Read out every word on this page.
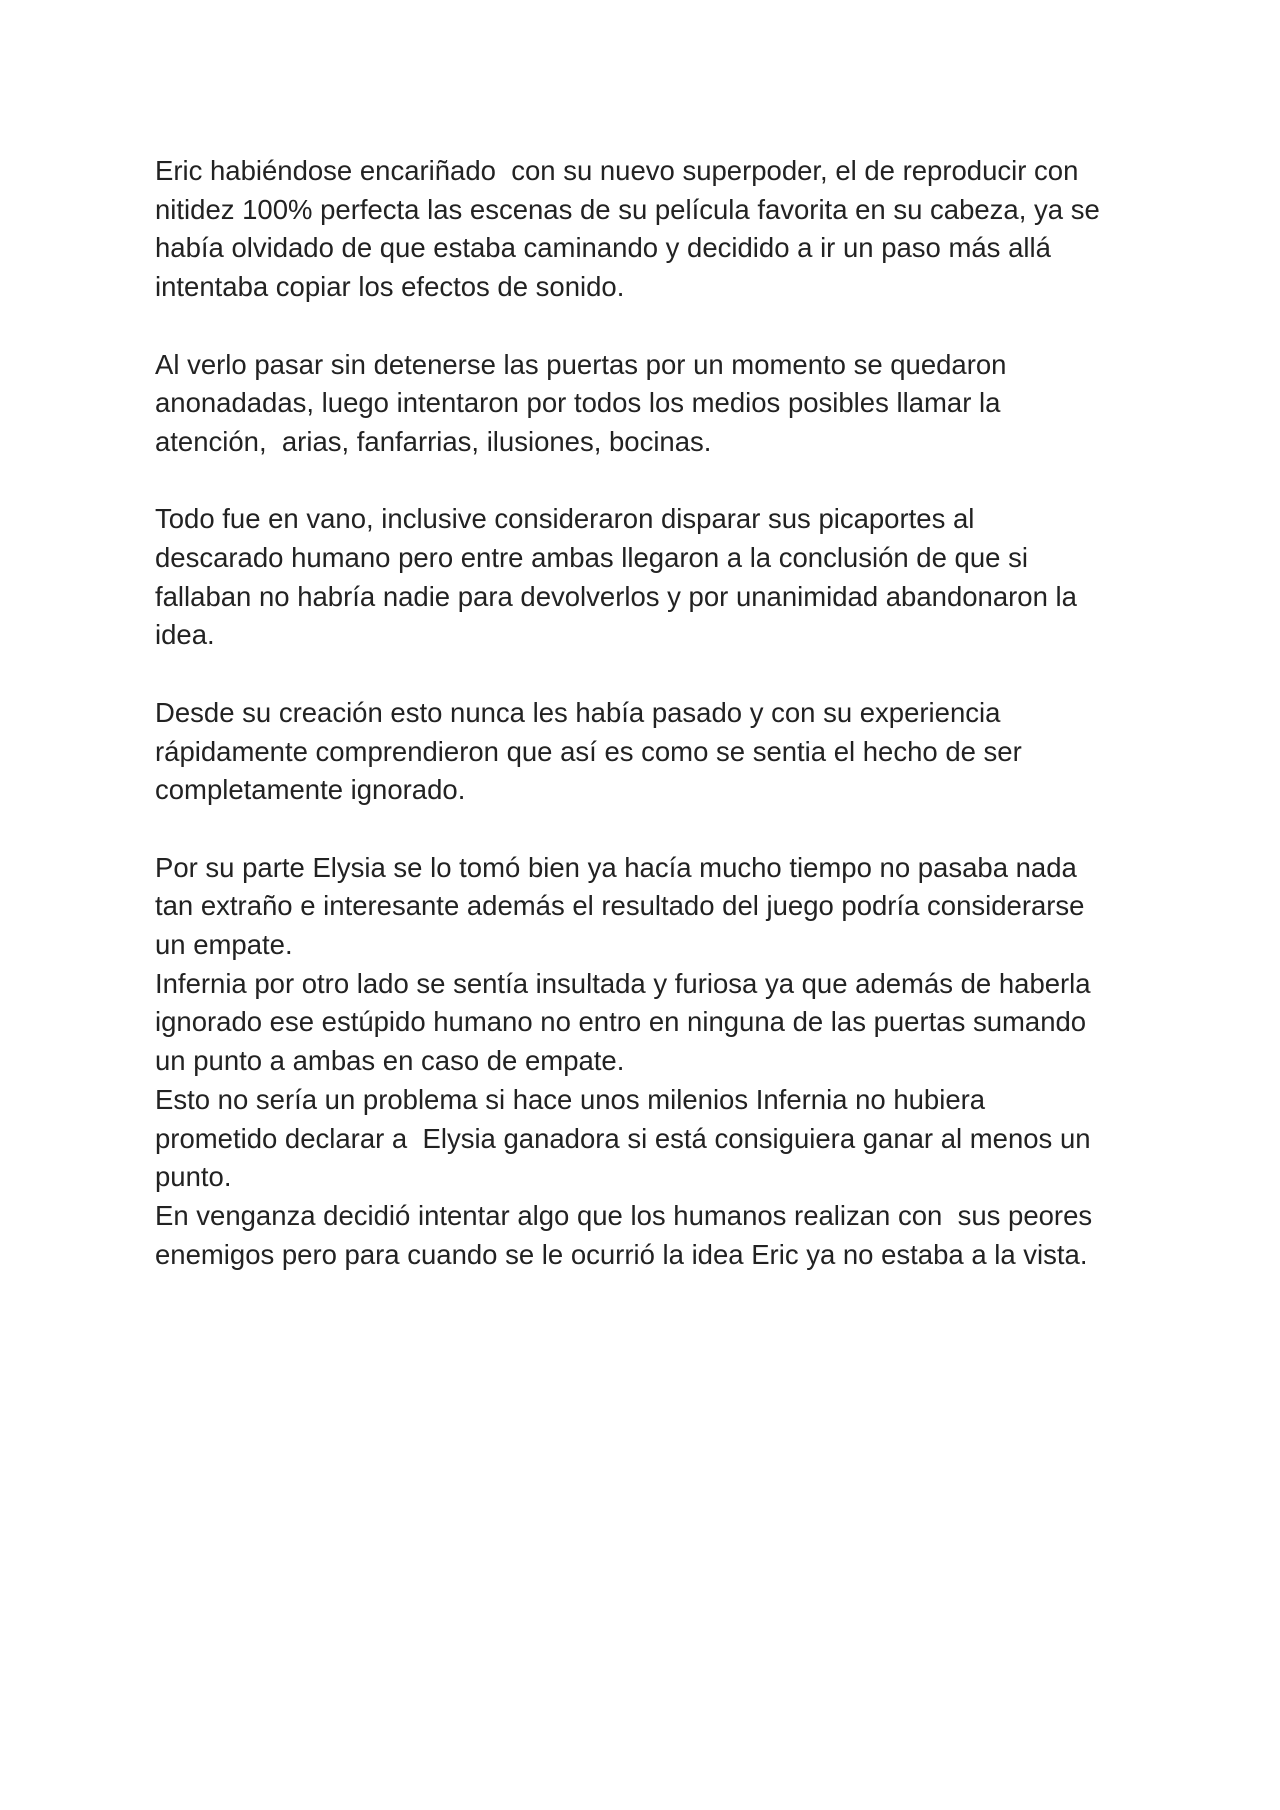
Eric habiéndose encariñado  con su nuevo superpoder, el de reproducir con
nitidez 100% perfecta las escenas de su película favorita en su cabeza, ya se
había olvidado de que estaba caminando y decidido a ir un paso más allá
intentaba copiar los efectos de sonido.
Al verlo pasar sin detenerse las puertas por un momento se quedaron
anonadadas, luego intentaron por todos los medios posibles llamar la
atención,  arias, fanfarrias, ilusiones, bocinas.
Todo fue en vano, inclusive consideraron disparar sus picaportes al
descarado humano pero entre ambas llegaron a la conclusión de que si
fallaban no habría nadie para devolverlos y por unanimidad abandonaron la
idea.
Desde su creación esto nunca les había pasado y con su experiencia
rápidamente comprendieron que así es como se sentia el hecho de ser
completamente ignorado.
Por su parte Elysia se lo tomó bien ya hacía mucho tiempo no pasaba nada
tan extraño e interesante además el resultado del juego podría considerarse
un empate.
Infernia por otro lado se sentía insultada y furiosa ya que además de haberla
ignorado ese estúpido humano no entro en ninguna de las puertas sumando
un punto a ambas en caso de empate.
Esto no sería un problema si hace unos milenios Infernia no hubiera
prometido declarar a  Elysia ganadora si está consiguiera ganar al menos un
punto.
En venganza decidió intentar algo que los humanos realizan con  sus peores
enemigos pero para cuando se le ocurrió la idea Eric ya no estaba a la vista.
